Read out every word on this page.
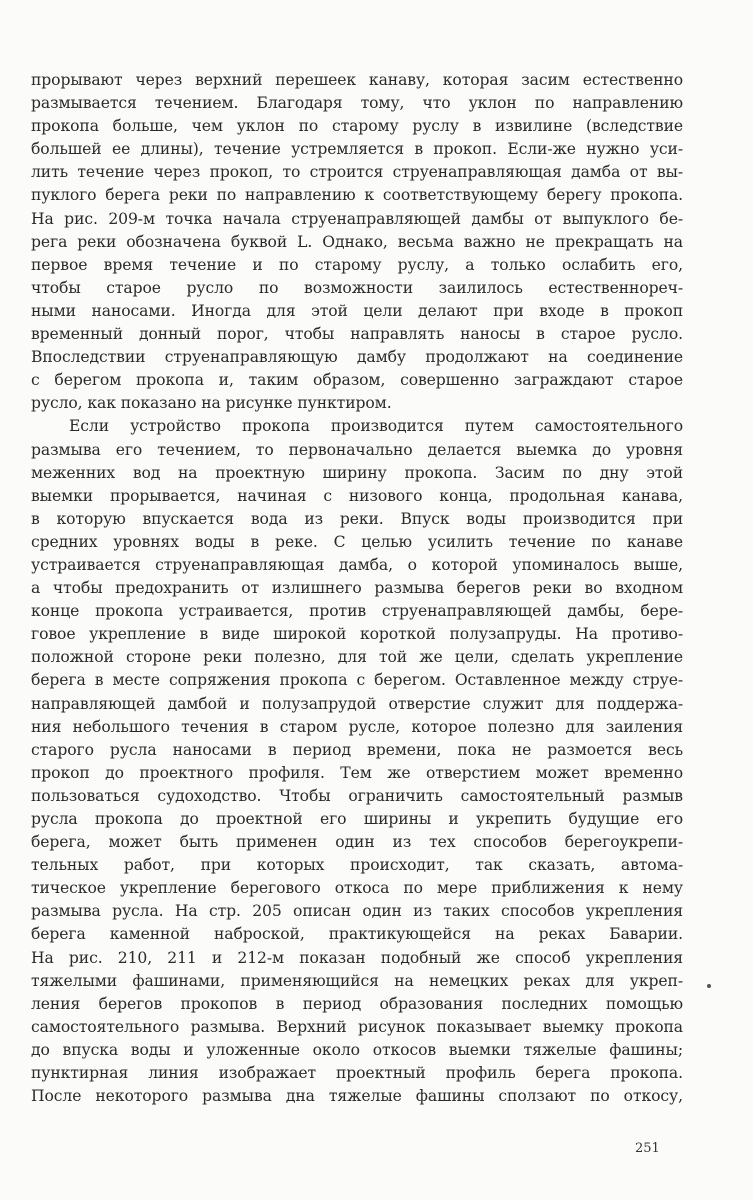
прорывают через верхний перешеек канаву, которая засим естественно
размывается течением. Благодаря тому, что уклон по направлению
прокопа больше, чем уклон по старому руслу в извилине (вследствие
большей ее длины), течение устремляется в прокоп. Если-же нужно уси-
лить течение через прокоп, то строится струенаправляющая дамба от вы-
пуклого берега реки по направлению к соответствующему берегу прокопа.
На рис. 209-м точка начала струенаправляющей дамбы от выпуклого бе-
рега реки обозначена буквой L. Однако, весьма важно не прекращать на
первое время течение и по старому руслу, а только ослабить его,
чтобы старое русло по возможности заилилось естественнореч-
ными наносами. Иногда для этой цели делают при входе в прокоп
временный донный порог, чтобы направлять наносы в старое русло.
Впоследствии струенаправляющую дамбу продолжают на соединение
с берегом прокопа и, таким образом, совершенно заграждают старое
русло, как показано на рисунке пунктиром.
Если устройство прокопа производится путем самостоятельного
размыва его течением, то первоначально делается выемка до уровня
меженних вод на проектную ширину прокопа. Засим по дну этой
выемки прорывается, начиная с низового конца, продольная канава,
в которую впускается вода из реки. Впуск воды производится при
средних уровнях воды в реке. С целью усилить течение по канаве
устраивается струенаправляющая дамба, о которой упоминалось выше,
а чтобы предохранить от излишнего размыва берегов реки во входном
конце прокопа устраивается, против струенаправляющей дамбы, бере-
говое укрепление в виде широкой короткой полузапруды. На противо-
положной стороне реки полезно, для той же цели, сделать укрепление
берега в месте сопряжения прокопа с берегом. Оставленное между струе-
направляющей дамбой и полузапрудой отверстие служит для поддержа-
ния небольшого течения в старом русле, которое полезно для заиления
старого русла наносами в период времени, пока не размоется весь
прокоп до проектного профиля. Тем же отверстием может временно
пользоваться судоходство. Чтобы ограничить самостоятельный размыв
русла прокопа до проектной его ширины и укрепить будущие его
берега, может быть применен один из тех способов берегоукрепи-
тельных работ, при которых происходит, так сказать, автома-
тическое укрепление берегового откоса по мере приближения к нему
размыва русла. На стр. 205 описан один из таких способов укрепления
берега каменной наброской, практикующейся на реках Баварии.
На рис. 210, 211 и 212-м показан подобный же способ укрепления
тяжелыми фашинами, применяющийся на немецких реках для укреп-
ления берегов прокопов в период образования последних помощью
самостоятельного размыва. Верхний рисунок показывает выемку прокопа
до впуска воды и уложенные около откосов выемки тяжелые фашины;
пунктирная линия изображает проектный профиль берега прокопа.
После некоторого размыва дна тяжелые фашины сползают по откосу,
251
